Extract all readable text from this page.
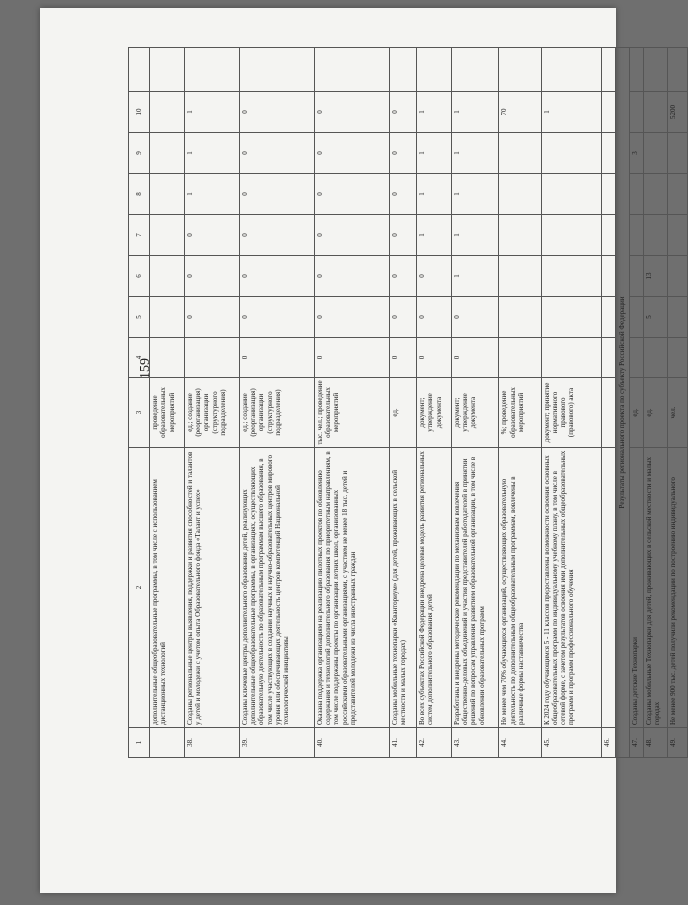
159
1	2	3	4	5	6	7	8	9	10	
	дополнительные общеобразовательные программы, в том числе с использованием дистанционных технологий	проведение образовательных мероприятий								
38.	Созданы региональные центры выявления, поддержки и развития способностей и талантов у детей и молодежи с учетом опыта Образовательного фонда «Талант и успех»	ед.; создание (реорганизация) организации (структурного подразделения)		0	0	0	1	1	1	
39.	Созданы ключевые центры дополнительного образования детей, реализующих дополнительные общеобразовательные программы, в организациях, осуществляющих образовательную деятельность по образовательным программам высшего образования, в том числе участвующих в создании научных и научно-образовательных центров мирового уровня или обеспечивающих деятельность центров компетенций Национальной технологической инициативы	ед.; создание (реорганизация) организации (структурного подразделения)	0	0	0	0	0	0	0	
40.	Оказана поддержка организациям на реализацию пилотных проектов по обновлению содержания и технологий дополнительного образования по приоритетным направлениям, в том числе поддержаны проекты по организации летних школ, организованных российскими образовательными организациями, с участием не менее 18 тыс. детей и представителей молодежи из числа иностранных граждан	тыс. чел.; проведение образовательных мероприятий	0	0	0	0	0	0	0	
41.	Созданы мобильные технопарки «Кванториум» (для детей, проживающих в сельской местности и малых городах)	ед.	0	0	0	0	0	0	0	
42.	Во всех субъектах Российской Федерации внедрена целевая модель развития региональных систем дополнительного образования детей	документ; утверждение документа	0	0	0	1	1	1	1	
43.	Разработаны и внедрены методические рекомендации по механизмам вовлечения общественно-деловых объединений и участия представителей работодателей в принятии решений по вопросам управления развитием образовательной организации, в том числе в обновлении образовательных программ	документ; утверждение документа	0	0	1	1	1	1	1	
44.	Не менее чем 70% обучающихся организаций, осуществляющих образовательную деятельность по дополнительным общеобразовательным программам, вовлечены в различные формы наставничества	%; проведение образовательных мероприятий							70	
45.	К 2024 году обучающимся 5 - 11 классов предоставлены возможности освоения основных общеобразовательных программ по индивидуальному учебному плану, в том числе в сетевой форме, с зачетом результатов освоения ими дополнительных общеобразовательных программ и программ профессионального обучения	документ; принятие нормативного правового (правового) акта							1	
46.										
Результаты регионального проекта по субъекту Российской Федерации										
47.	Созданы детские Технопарки	ед.						3		
48.	Созданы мобильные Технопарки для детей, проживающих в сельской местности и малых городах	ед.		5	13					
49.	Не менее 900 тыс. детей получили рекомендации по построению индивидуального	чел.							5200	
